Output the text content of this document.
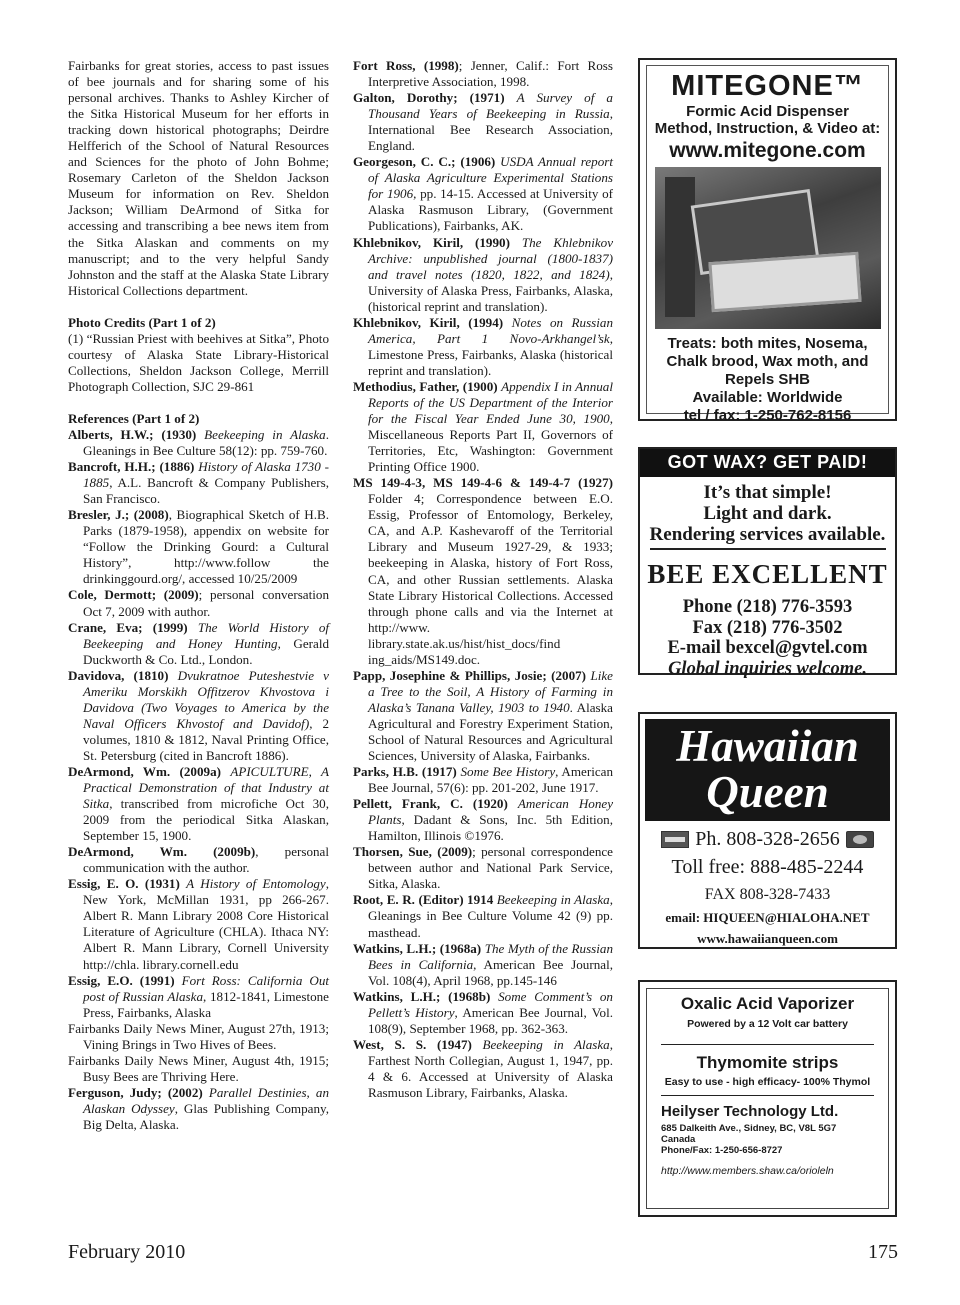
Fairbanks for great stories, access to past issues of bee journals and for sharing some of his personal archives. Thanks to Ashley Kircher of the Sitka Historical Museum for her efforts in tracking down historical photographs; Deirdre Helfferich of the School of Natural Resources and Sciences for the photo of John Bohme; Rosemary Carleton of the Sheldon Jackson Museum for information on Rev. Sheldon Jackson; William DeArmond of Sitka for accessing and transcribing a bee news item from the Sitka Alaskan and comments on my manuscript; and to the very helpful Sandy Johnston and the staff at the Alaska State Library Historical Collections department.

Photo Credits (Part 1 of 2)

(1) “Russian Priest with beehives at Sitka”, Photo courtesy of Alaska State Library-Historical Collections, Sheldon Jackson College, Merrill Photograph Collection, SJC 29-861

References (Part 1 of 2)

Alberts, H.W.; (1930) Beekeeping in Alaska. Gleanings in Bee Culture 58(12): pp. 759-760.

Bancroft, H.H.; (1886) History of Alaska 1730 - 1885, A.L. Bancroft & Company Publishers, San Francisco.

Bresler, J.; (2008), Biographical Sketch of H.B. Parks (1879-1958), appendix on website for “Follow the Drinking Gourd: a Cultural History”, http://www.follow the drinkinggourd.org/, accessed 10/25/2009

Cole, Dermott; (2009); personal conversation Oct 7, 2009 with author.

Crane, Eva; (1999) The World History of Beekeeping and Honey Hunting, Gerald Duckworth & Co. Ltd., London.

Davidova, (1810) Dvukratnoe Puteshestvie v Ameriku Morskikh Offitzerov Khvostova i Davidova (Two Voyages to America by the Naval Officers Khvostof and Davidof), 2 volumes, 1810 & 1812, Naval Printing Office, St. Petersburg (cited in Bancroft 1886).

DeArmond, Wm. (2009a) APICULTURE, A Practical Demonstration of that Industry at Sitka, transcribed from microfiche Oct 30, 2009 from the periodical Sitka Alaskan, September 15, 1900.

DeArmond, Wm. (2009b), personal communication with the author.

Essig, E. O. (1931) A History of Entomology, New York, McMillan 1931, pp 266-267. Albert R. Mann Library 2008 Core Historical Literature of Agriculture (CHLA). Ithaca NY: Albert R. Mann Library, Cornell University http://chla. library.cornell.edu

Essig, E.O. (1991) Fort Ross: California Out post of Russian Alaska, 1812-1841, Limestone Press, Fairbanks, Alaska

Fairbanks Daily News Miner, August 27th, 1913; Vining Brings in Two Hives of Bees.

Fairbanks Daily News Miner, August 4th, 1915; Busy Bees are Thriving Here.

Ferguson, Judy; (2002) Parallel Destinies, an Alaskan Odyssey, Glas Publishing Company, Big Delta, Alaska.

Fort Ross, (1998); Jenner, Calif.: Fort Ross Interpretive Association, 1998.

Galton, Dorothy; (1971) A Survey of a Thousand Years of Beekeeping in Russia, International Bee Research Association, England.

Georgeson, C. C.; (1906) USDA Annual report of Alaska Agriculture Experimental Stations for 1906, pp. 14-15. Accessed at University of Alaska Rasmuson Library, (Government Publications), Fairbanks, AK.

Khlebnikov, Kiril, (1990) The Khlebnikov Archive: unpublished journal (1800-1837) and travel notes (1820, 1822, and 1824), University of Alaska Press, Fairbanks, Alaska, (historical reprint and translation).

Khlebnikov, Kiril, (1994) Notes on Russian America, Part 1 Novo-Arkhangel’sk, Limestone Press, Fairbanks, Alaska (historical reprint and translation).

Methodius, Father, (1900) Appendix I in Annual Reports of the US Department of the Interior for the Fiscal Year Ended June 30, 1900, Miscellaneous Reports Part II, Governors of Territories, Etc, Washington: Government Printing Office 1900.

MS 149-4-3, MS 149-4-6 & 149-4-7 (1927) Folder 4; Correspondence between E.O. Essig, Professor of Entomology, Berkeley, CA, and A.P. Kashevaroff of the Territorial Library and Museum 1927-29, & 1933; beekeeping in Alaska, history of Fort Ross, CA, and other Russian settlements. Alaska State Library Historical Collections. Accessed through phone calls and via the Internet at http://www. library.state.ak.us/hist/hist_docs/find ing_aids/MS149.doc.

Papp, Josephine & Phillips, Josie; (2007) Like a Tree to the Soil, A History of Farming in Alaska’s Tanana Valley, 1903 to 1940. Alaska Agricultural and Forestry Experiment Station, School of Natural Resources and Agricultural Sciences, University of Alaska, Fairbanks.

Parks, H.B. (1917) Some Bee History, American Bee Journal, 57(6): pp. 201-202, June 1917.

Pellett, Frank, C. (1920) American Honey Plants, Dadant & Sons, Inc. 5th Edition, Hamilton, Illinois ©1976.

Thorsen, Sue, (2009); personal correspondence between author and National Park Service, Sitka, Alaska.

Root, E. R. (Editor) 1914 Beekeeping in Alaska, Gleanings in Bee Culture Volume 42 (9) pp. masthead.

Watkins, L.H.; (1968a) The Myth of the Russian Bees in California, American Bee Journal, Vol. 108(4), April 1968, pp.145-146

Watkins, L.H.; (1968b) Some Comment’s on Pellett’s History, American Bee Journal, Vol. 108(9), September 1968, pp. 362-363.

West, S. S. (1947) Beekeeping in Alaska, Farthest North Collegian, August 1, 1947, pp. 4 & 6. Accessed at University of Alaska Rasmuson Library, Fairbanks, Alaska.

February 2010	175
MITEGONE™
Formic Acid Dispenser
Method, Instruction, & Video at:
www.mitegone.com
Treats: both mites, Nosema,
Chalk brood, Wax moth, and
Repels SHB
Available: Worldwide
tel / fax: 1-250-762-8156
GOT WAX? GET PAID!
It’s that simple!
Light and dark.
Rendering services available.
BEE EXCELLENT
Phone (218) 776-3593
Fax (218) 776-3502
E-mail bexcel@gvtel.com
Global inquiries welcome.
Hawaiian
Queen
Ph. 808-328-2656
Toll free: 888-485-2244
FAX 808-328-7433
email: HIQUEEN@HIALOHA.NET
www.hawaiianqueen.com
Oxalic Acid Vaporizer
Powered by a 12 Volt car battery
Thymomite strips
Easy to use - high efficacy- 100% Thymol
Heilyser Technology Ltd.
685 Dalkeith Ave., Sidney, BC, V8L 5G7
Canada
Phone/Fax: 1-250-656-8727
http://www.members.shaw.ca/orioleln
